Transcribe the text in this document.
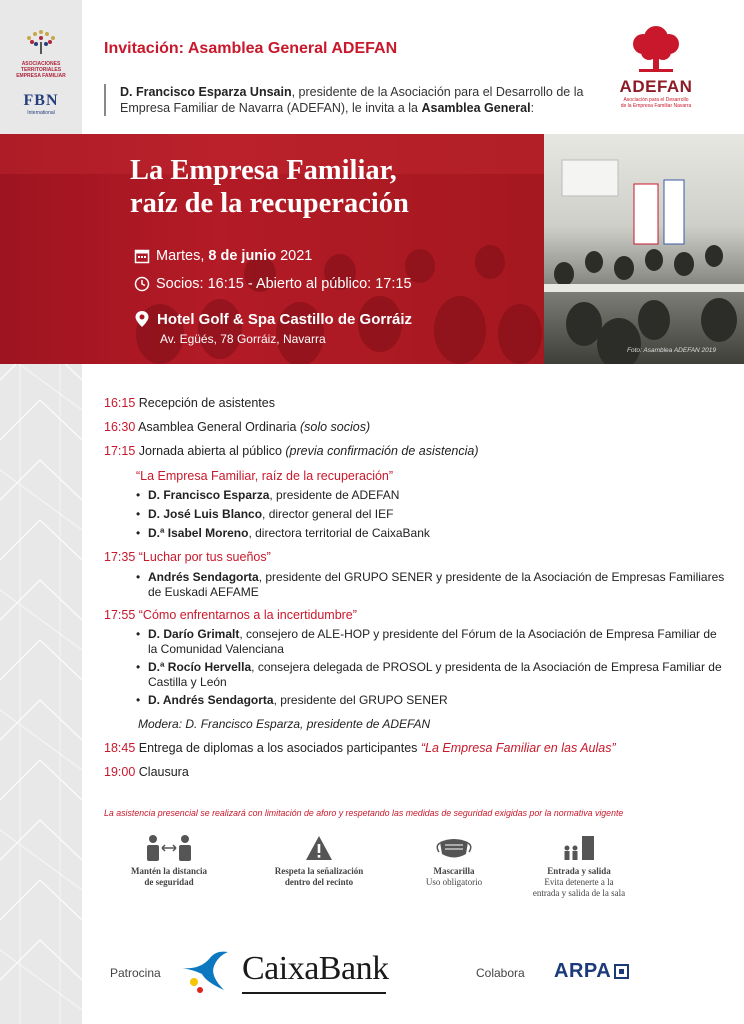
ASOCIACIONES TERRITORIALES EMPRESA FAMILIAR
FBN
International
Invitación: Asamblea General ADEFAN
D. Francisco Esparza Unsain, presidente de la Asociación para el Desarrollo de la Empresa Familiar de Navarra (ADEFAN), le invita a la Asamblea General:
ADEFAN
Asociación para el Desarrollo
de la Empresa Familiar Navarra
La Empresa Familiar,
raíz de la recuperación
Martes, 8 de junio 2021
Socios: 16:15 - Abierto al público: 17:15
Hotel Golf & Spa Castillo de Gorráiz
Av. Egüés, 78 Gorráiz, Navarra
Foto: Asamblea ADEFAN 2019
16:15 Recepción de asistentes
16:30 Asamblea General Ordinaria (solo socios)
17:15 Jornada abierta al público (previa confirmación de asistencia)
“La Empresa Familiar, raíz de la recuperación”
• D. Francisco Esparza, presidente de ADEFAN
• D. José Luis Blanco, director general del IEF
• D.ª Isabel Moreno, directora territorial de CaixaBank
17:35 “Luchar por tus sueños”
• Andrés Sendagorta, presidente del GRUPO SENER y presidente de la Asociación de Empresas Familiares de Euskadi AEFAME
17:55 “Cómo enfrentarnos a la incertidumbre”
• D. Darío Grimalt, consejero de ALE-HOP y presidente del Fórum de la Asociación de Empresa Familiar de la Comunidad Valenciana
• D.ª Rocío Hervella, consejera delegada de PROSOL y presidenta de la Asociación de Empresa Familiar de Castilla y León
• D. Andrés Sendagorta, presidente del GRUPO SENER
Modera: D. Francisco Esparza, presidente de ADEFAN
18:45 Entrega de diplomas a los asociados participantes “La Empresa Familiar en las Aulas”
19:00 Clausura
La asistencia presencial se realizará con limitación de aforo y respetando las medidas de seguridad exigidas por la normativa vigente
Mantén la distancia
de seguridad
Respeta la señalización
dentro del recinto
Mascarilla
Uso obligatorio
Entrada y salida
Evita detenerte a la
entrada y salida de la sala
Patrocina CaixaBank	Colabora ARPA
